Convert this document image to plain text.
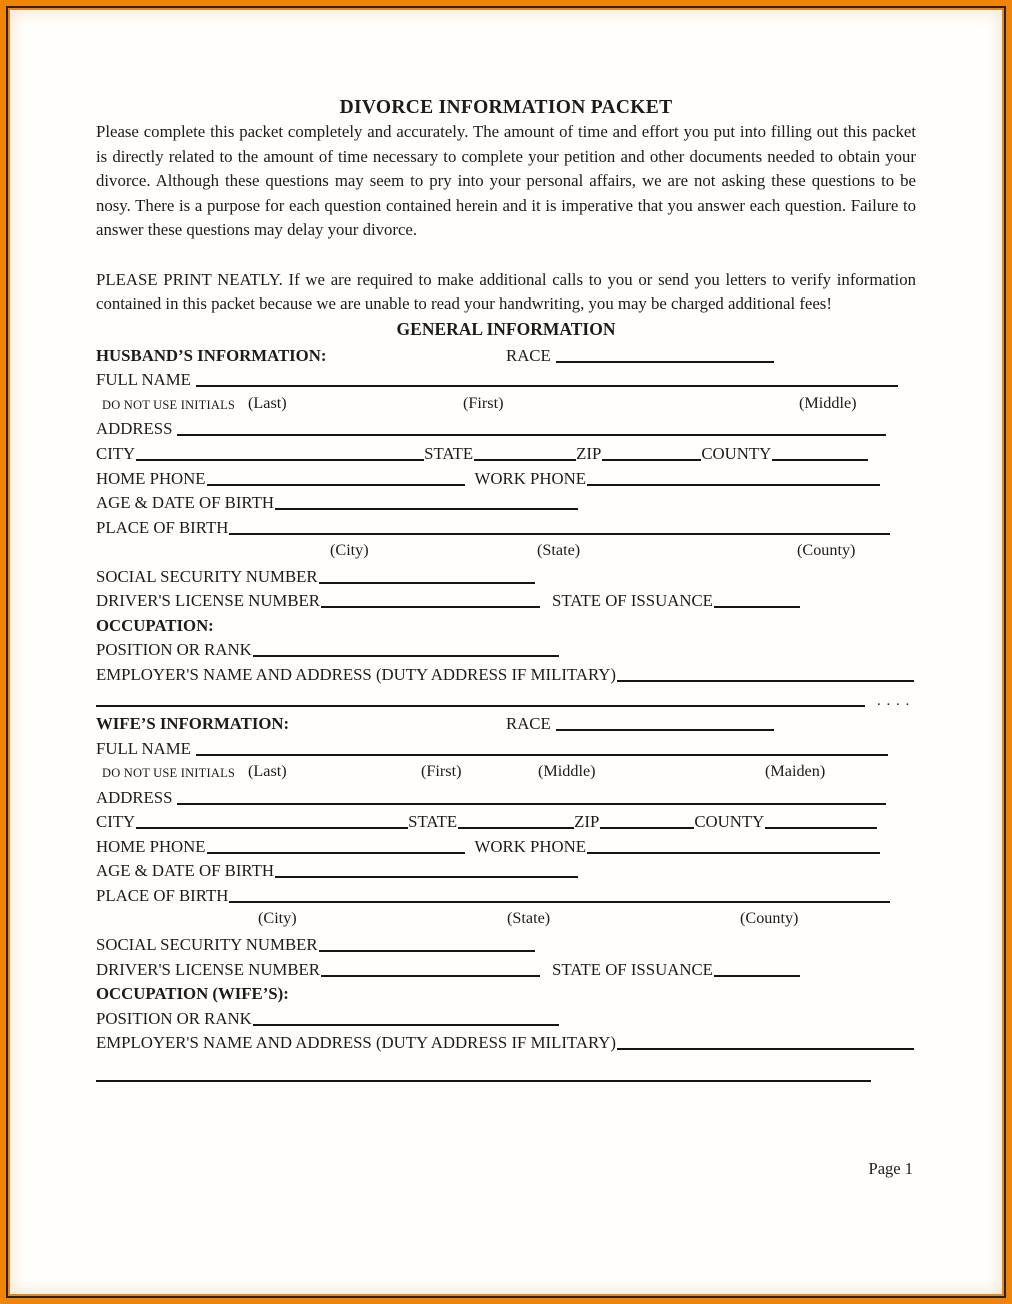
DIVORCE INFORMATION PACKET

Please complete this packet completely and accurately. The amount of time and effort you put into filling out this packet is directly related to the amount of time necessary to complete your petition and other documents needed to obtain your divorce. Although these questions may seem to pry into your personal affairs, we are not asking these questions to be nosy. There is a purpose for each question contained herein and it is imperative that you answer each question. Failure to answer these questions may delay your divorce.

PLEASE PRINT NEATLY. If we are required to make additional calls to you or send you letters to verify information contained in this packet because we are unable to read your handwriting, you may be charged additional fees!

GENERAL INFORMATION
HUSBAND’S INFORMATION:	RACE
FULL NAME
DO NOT USE INITIALS (Last)	(First)	(Middle)
ADDRESS
CITY	STATE	ZIP	COUNTY
HOME PHONE	WORK PHONE
AGE & DATE OF BIRTH
PLACE OF BIRTH
(City)	(State)	(County)
SOCIAL SECURITY NUMBER
DRIVER'S LICENSE NUMBER	STATE OF ISSUANCE
OCCUPATION:
POSITION OR RANK
EMPLOYER'S NAME AND ADDRESS (DUTY ADDRESS IF MILITARY)
. . . .
WIFE’S INFORMATION:	RACE
FULL NAME
DO NOT USE INITIALS (Last)	(First)	(Middle)	(Maiden)
ADDRESS
CITY	STATE	ZIP	COUNTY
HOME PHONE	WORK PHONE
AGE & DATE OF BIRTH
PLACE OF BIRTH
(City)	(State)	(County)
SOCIAL SECURITY NUMBER
DRIVER'S LICENSE NUMBER	STATE OF ISSUANCE
OCCUPATION (WIFE’S):
POSITION OR RANK
EMPLOYER'S NAME AND ADDRESS (DUTY ADDRESS IF MILITARY)
Page 1
